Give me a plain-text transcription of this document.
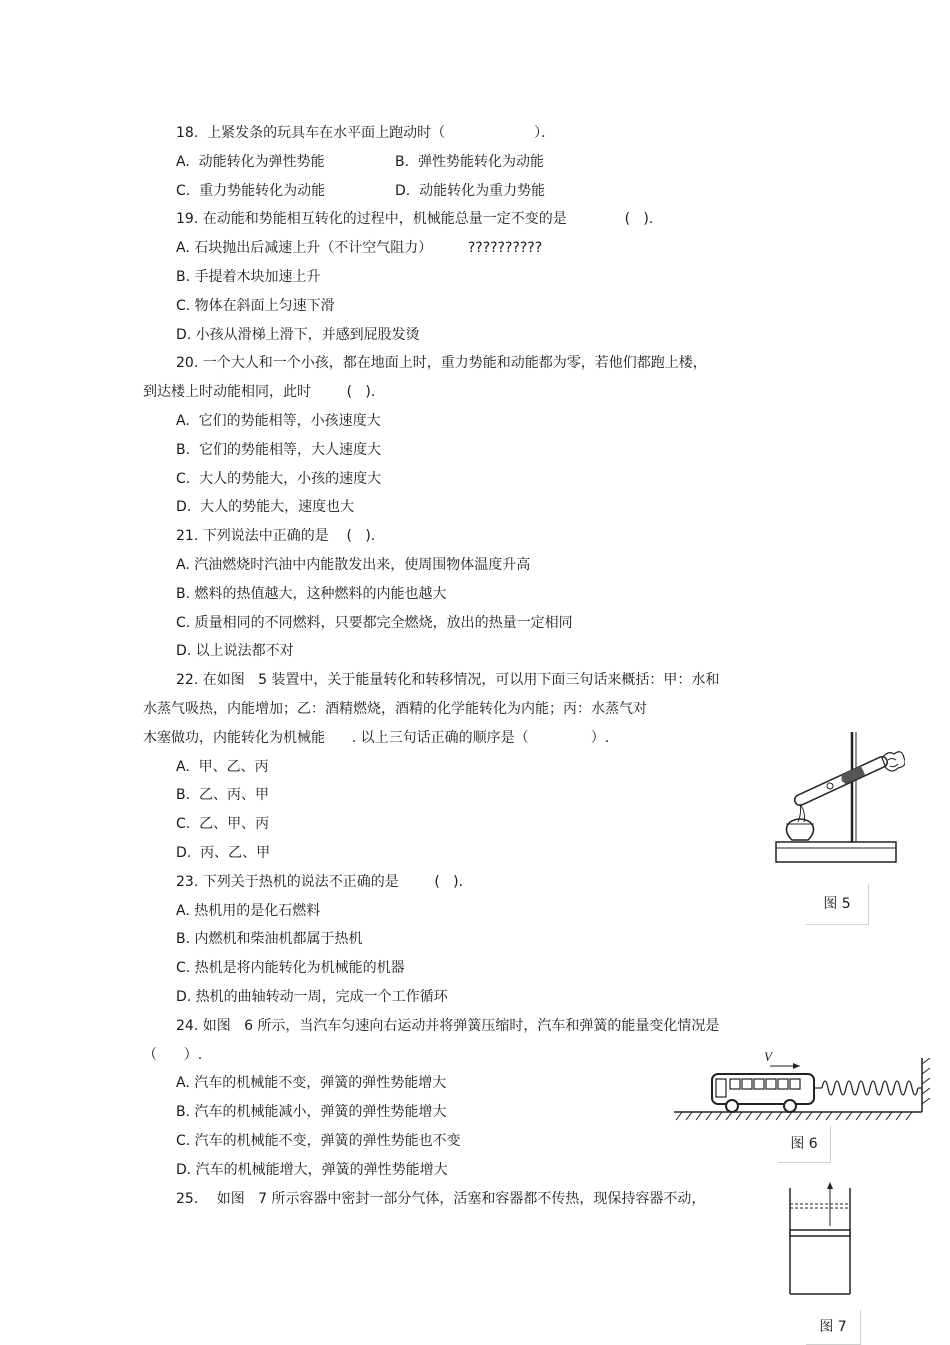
18.  上紧发条的玩具车在水平面上跑动时（                    ）．
A.  动能转化为弹性势能	B.  弹性势能转化为动能
C.  重力势能转化为动能	D.  动能转化为重力势能
19. 在动能和势能相互转化的过程中，机械能总量一定不变的是             (   ).
A. 石块抛出后减速上升（不计空气阻力）        ??????????
B. 手提着木块加速上升
C. 物体在斜面上匀速下滑
D. 小孩从滑梯上滑下，并感到屁股发烫
20. 一个大人和一个小孩，都在地面上时，重力势能和动能都为零，若他们都跑上楼，
到达楼上时动能相同，此时        (   ).
A.  它们的势能相等，小孩速度大
B.  它们的势能相等，大人速度大
C.  大人的势能大，小孩的速度大
D.  大人的势能大，速度也大
21. 下列说法中正确的是    (   ).
A. 汽油燃烧时汽油中内能散发出来，使周围物体温度升高
B. 燃料的热值越大，这种燃料的内能也越大
C. 质量相同的不同燃料，只要都完全燃烧，放出的热量一定相同
D. 以上说法都不对
22. 在如图   5 装置中，关于能量转化和转移情况，可以用下面三句话来概括：甲：水和
水蒸气吸热，内能增加；乙：酒精燃烧，酒精的化学能转化为内能；丙：水蒸气对
木塞做功，内能转化为机械能      . 以上三句话正确的顺序是（              ）.
A.  甲、乙、丙
B.  乙、丙、甲
C.  乙、甲、丙
D.  丙、乙、甲
23. 下列关于热机的说法不正确的是        (   ).
A. 热机用的是化石燃料
B. 内燃机和柴油机都属于热机
C. 热机是将内能转化为机械能的机器
D. 热机的曲轴转动一周，完成一个工作循环
24. 如图   6 所示，当汽车匀速向右运动并将弹簧压缩时，汽车和弹簧的能量变化情况是
（      ）.
A. 汽车的机械能不变，弹簧的弹性势能增大
B. 汽车的机械能减小，弹簧的弹性势能增大
C. 汽车的机械能不变，弹簧的弹性势能也不变
D. 汽车的机械能增大，弹簧的弹性势能增大
25．  如图   7 所示容器中密封一部分气体，活塞和容器都不传热，现保持容器不动，
图 5
V
图 6
图 7
